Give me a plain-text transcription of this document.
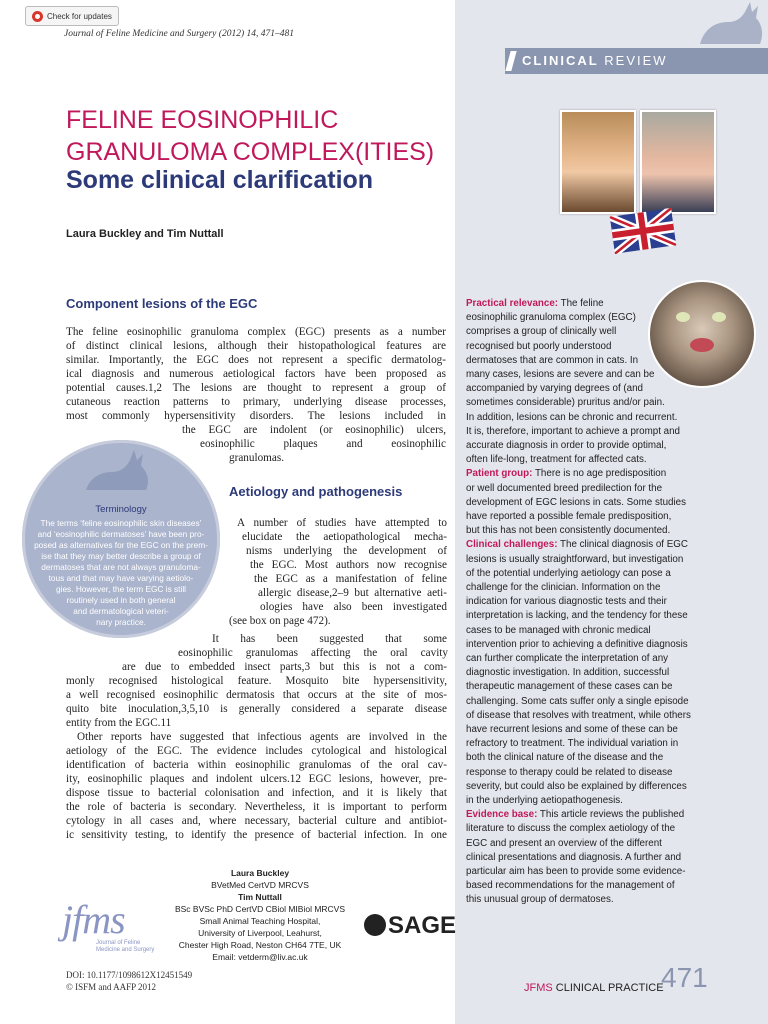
CLINICAL REVIEW
Check for updates
Journal of Feline Medicine and Surgery (2012) 14, 471–481
FELINE EOSINOPHILIC
GRANULOMA COMPLEX(ITIES)
Some clinical clarification
Laura Buckley and Tim Nuttall
Component lesions of the EGC
Aetiology and pathogenesis
The feline eosinophilic granuloma complex (EGC) presents as a number
of distinct clinical lesions, although their histopathological features are
similar. Importantly, the EGC does not represent a specific dermatolog-
ical diagnosis and numerous aetiological factors have been proposed as
potential causes.1,2 The lesions are thought to represent a group of
cutaneous reaction patterns to primary, underlying disease processes,
most commonly hypersensitivity disorders. The lesions included in
the EGC are indolent (or eosinophilic) ulcers,
eosinophilic plaques and eosinophilic
granulomas.
A number of studies have attempted to
elucidate the aetiopathological mecha-
nisms underlying the development of
the EGC. Most authors now recognise
the EGC as a manifestation of feline
allergic disease,2–9 but alternative aeti-
ologies have also been investigated
(see box on page 472).
It has been suggested that some
eosinophilic granulomas affecting the oral cavity
are due to embedded insect parts,3 but this is not a com-
monly recognised histological feature. Mosquito bite hypersensitivity,
a well recognised eosinophilic dermatosis that occurs at the site of mos-
quito bite inoculation,3,5,10 is generally considered a separate disease
entity from the EGC.11
Other reports have suggested that infectious agents are involved in the
aetiology of the EGC. The evidence includes cytological and histological
identification of bacteria within eosinophilic granulomas of the oral cav-
ity, eosinophilic plaques and indolent ulcers.12 EGC lesions, however, pre-
dispose tissue to bacterial colonisation and infection, and it is likely that
the role of bacteria is secondary. Nevertheless, it is important to perform
cytology in all cases and, where necessary, bacterial culture and antibiot-
ic sensitivity testing, to identify the presence of bacterial infection. In one
Terminology
The terms ‘feline eosinophilic skin diseases’
and ‘eosinophilic dermatoses’ have been pro-
posed as alternatives for the EGC on the prem-
ise that they may better describe a group of
dermatoses that are not always granuloma-
tous and that may have varying aetiolo-
gies. However, the term EGC is still
routinely used in both general
and dermatological veteri-
nary practice.
Practical relevance: The feline
eosinophilic granuloma complex (EGC)
comprises a group of clinically well
recognised but poorly understood
dermatoses that are common in cats. In
many cases, lesions are severe and can be
accompanied by varying degrees of (and
sometimes considerable) pruritus and/or pain.
In addition, lesions can be chronic and recurrent.
It is, therefore, important to achieve a prompt and
accurate diagnosis in order to provide optimal,
often life-long, treatment for affected cats.
Patient group: There is no age predisposition
or well documented breed predilection for the
development of EGC lesions in cats. Some studies
have reported a possible female predisposition,
but this has not been consistently documented.
Clinical challenges: The clinical diagnosis of EGC
lesions is usually straightforward, but investigation
of the potential underlying aetiology can pose a
challenge for the clinician. Information on the
indication for various diagnostic tests and their
interpretation is lacking, and the tendency for these
cases to be managed with chronic medical
intervention prior to achieving a definitive diagnosis
can further complicate the interpretation of any
diagnostic investigation. In addition, successful
therapeutic management of these cases can be
challenging. Some cats suffer only a single episode
of disease that resolves with treatment, while others
have recurrent lesions and some of these can be
refractory to treatment. The individual variation in
both the clinical nature of the disease and the
response to therapy could be related to disease
severity, but could also be explained by differences
in the underlying aetiopathogenesis.
Evidence base: This article reviews the published
literature to discuss the complex aetiology of the
EGC and present an overview of the different
clinical presentations and diagnosis. A further and
particular aim has been to provide some evidence-
based recommendations for the management of
this unusual group of dermatoses.
Laura Buckley
BVetMed CertVD MRCVS
Tim Nuttall
BSc BVSc PhD CertVD CBiol MIBiol MRCVS
Small Animal Teaching Hospital,
University of Liverpool, Leahurst,
Chester High Road, Neston CH64 7TE, UK
Email: vetderm@liv.ac.uk
jfms
Journal of Feline
Medicine and Surgery
SAGE
DOI: 10.1177/1098612X12451549
© ISFM and AAFP 2012	JFMS CLINICAL PRACTICE
471
